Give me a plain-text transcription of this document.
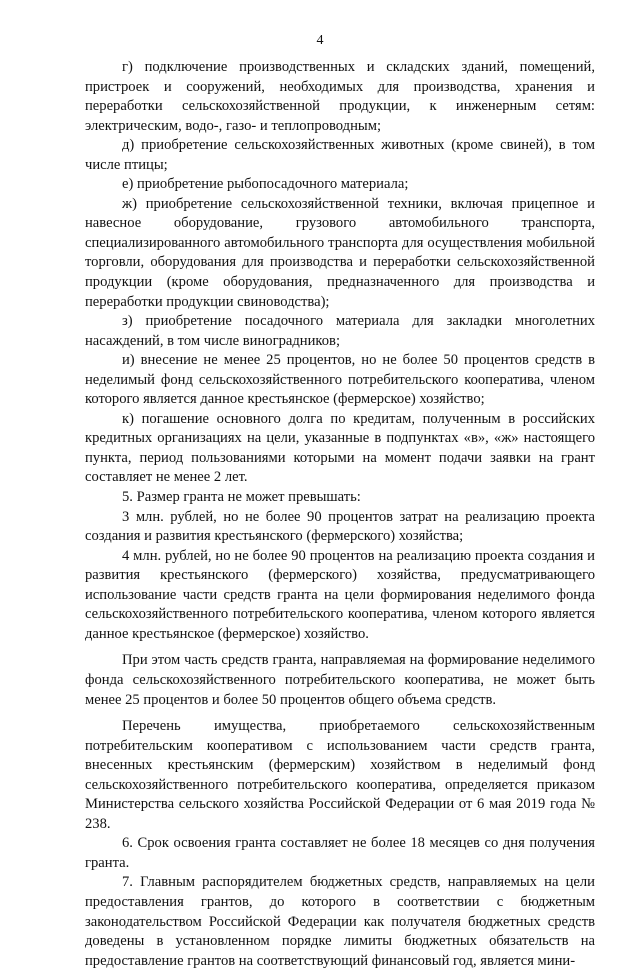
4

г) подключение производственных и складских зданий, помещений, пристроек и сооружений, необходимых для производства, хранения и переработки сельскохозяйственной продукции, к инженерным сетям: электрическим, водо-, газо- и теплопроводным;

д) приобретение сельскохозяйственных животных (кроме свиней), в том числе птицы;

е) приобретение рыбопосадочного материала;

ж) приобретение сельскохозяйственной техники, включая прицепное и навесное оборудование, грузового автомобильного транспорта, специализированного автомобильного транспорта для осуществления мобильной торговли, оборудования для производства и переработки сельскохозяйственной продукции (кроме оборудования, предназначенного для производства и переработки продукции свиноводства);

з) приобретение посадочного материала для закладки многолетних насаждений, в том числе виноградников;

и) внесение не менее 25 процентов, но не более 50 процентов средств в неделимый фонд сельскохозяйственного потребительского кооператива, членом которого является данное крестьянское (фермерское) хозяйство;

к) погашение основного долга по кредитам, полученным в российских кредитных организациях на цели, указанные в подпунктах «в», «ж» настоящего пункта, период пользованиями которыми на момент подачи заявки на грант составляет не менее 2 лет.

5. Размер гранта не может превышать:

3 млн. рублей, но не более 90 процентов затрат на реализацию проекта создания и развития крестьянского (фермерского) хозяйства;

4 млн. рублей, но не более 90 процентов на реализацию проекта создания и развития крестьянского (фермерского) хозяйства, предусматривающего использование части средств гранта на цели формирования неделимого фонда сельскохозяйственного потребительского кооператива, членом которого является данное крестьянское (фермерское) хозяйство.

При этом часть средств гранта, направляемая на формирование неделимого фонда сельскохозяйственного потребительского кооператива, не может быть менее 25 процентов и более 50 процентов общего объема средств.

Перечень имущества, приобретаемого сельскохозяйственным потребительским кооперативом с использованием части средств гранта, внесенных крестьянским (фермерским) хозяйством в неделимый фонд сельскохозяйственного потребительского кооператива, определяется приказом Министерства сельского хозяйства Российской Федерации от 6 мая 2019 года № 238.

6. Срок освоения гранта составляет не более 18 месяцев со дня получения гранта.

7. Главным распорядителем бюджетных средств, направляемых на цели предоставления грантов, до которого в соответствии с бюджетным законодательством Российской Федерации как получателя бюджетных средств доведены в установленном порядке лимиты бюджетных обязательств на предоставление грантов на соответствующий финансовый год, является мини-
